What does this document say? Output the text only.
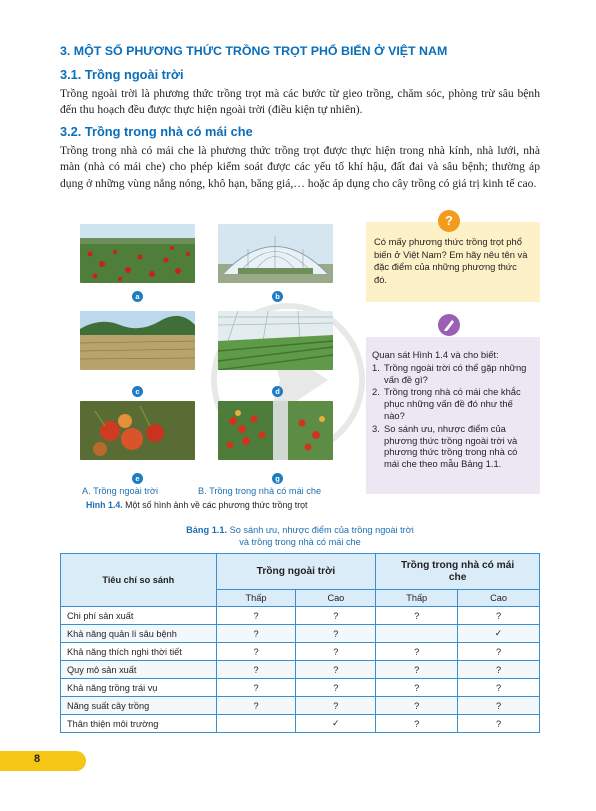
3. MỘT SỐ PHƯƠNG THỨC TRỒNG TRỌT PHỔ BIẾN Ở VIỆT NAM
3.1. Trồng ngoài trời
Trồng ngoài trời là phương thức trồng trọt mà các bước từ gieo trồng, chăm sóc, phòng trừ sâu bệnh đến thu hoạch đều được thực hiện ngoài trời (điều kiện tự nhiên).
3.2. Trồng trong nhà có mái che
Trồng trong nhà có mái che là phương thức trồng trọt được thực hiện trong nhà kính, nhà lưới, nhà màn (nhà có mái che) cho phép kiểm soát được các yếu tố khí hậu, đất đai và sâu bệnh; thường áp dụng ở những vùng nắng nóng, khô hạn, băng giá,… hoặc áp dụng cho cây trồng có giá trị kinh tế cao.
a	b
c	d
e	g
A. Trồng ngoài trời	B. Trồng trong nhà có mái che
Hình 1.4. Một số hình ảnh về các phương thức trồng trọt
Có mấy phương thức trồng trọt phổ biến ở Việt Nam? Em hãy nêu tên và đặc điểm của những phương thức đó.
?
Quan sát Hình 1.4 và cho biết:
1. Trồng ngoài trời có thể gặp những vấn đề gì?
2. Trồng trong nhà có mái che khắc phục những vấn đề đó như thế nào?
3. So sánh ưu, nhược điểm của phương thức trồng ngoài trời và phương thức trồng trong nhà có mái che theo mẫu Bảng 1.1.
Bảng 1.1. So sánh ưu, nhược điểm của trồng ngoài trời
và trồng trong nhà có mái che
Tiêu chí so sánh	Trồng ngoài trời		Trồng trong nhà có mái che	
	Thấp	Cao	Thấp	Cao
Chi phí sản xuất	?	?	?	?
Khả năng quản lí sâu bệnh	?	?		✓
Khả năng thích nghi thời tiết	?	?	?	?
Quy mô sản xuất	?	?	?	?
Khả năng trồng trái vụ	?	?	?	?
Năng suất cây trồng	?	?	?	?
Thân thiện môi trường		✓	?	?
8
